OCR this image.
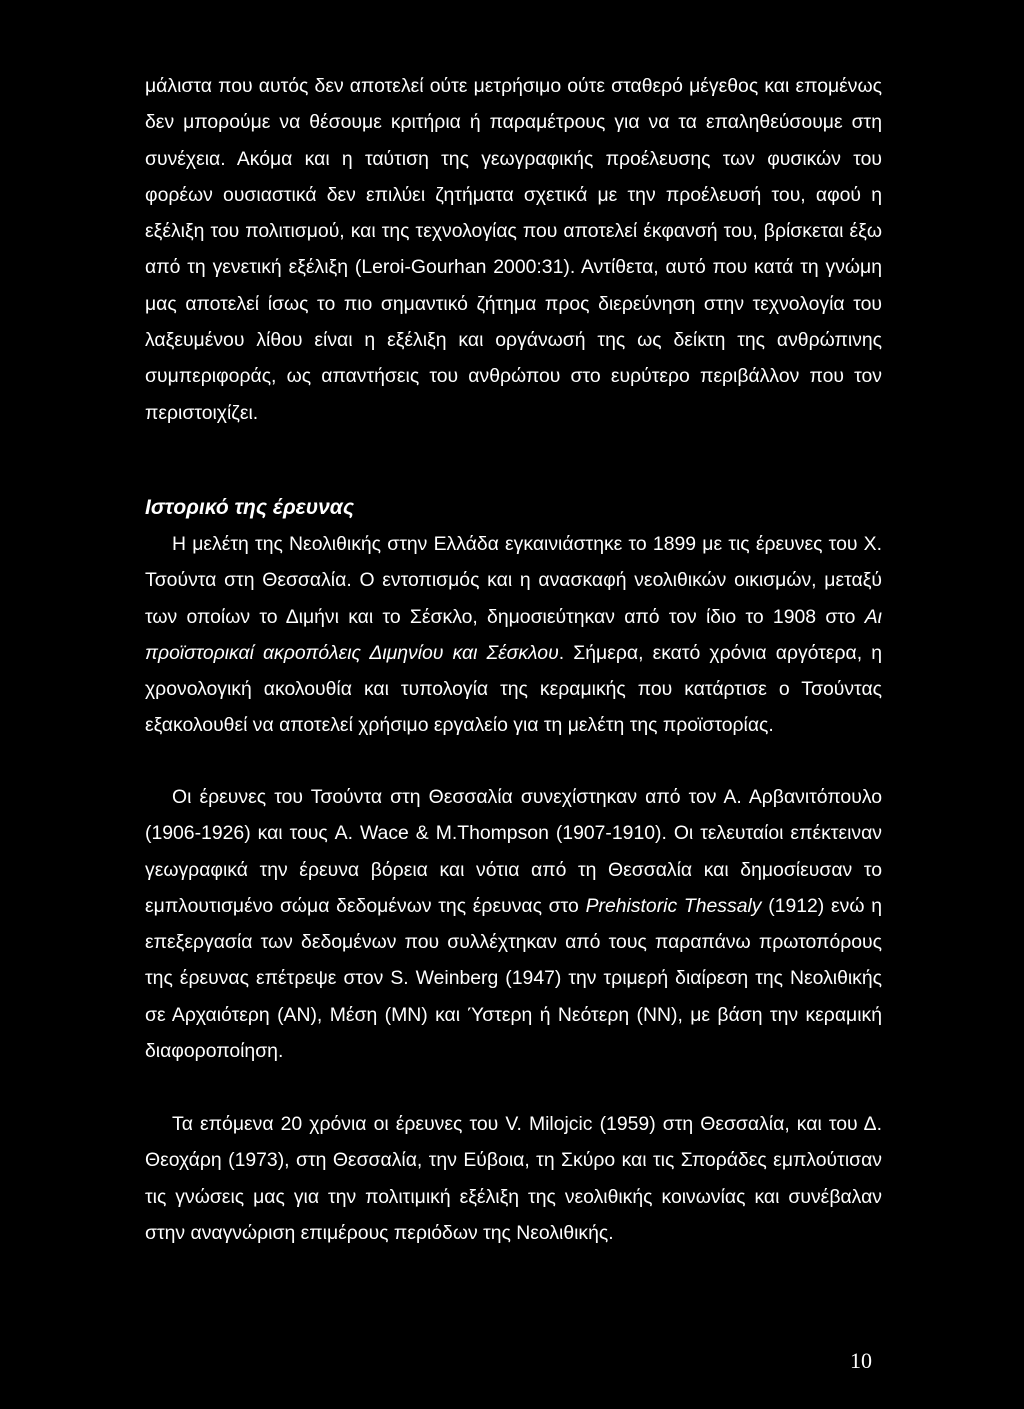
μάλιστα που αυτός δεν αποτελεί ούτε μετρήσιμο ούτε σταθερό μέγεθος και επομένως δεν μπορούμε να θέσουμε κριτήρια ή παραμέτρους για να τα επαληθεύσουμε στη συνέχεια. Ακόμα και η ταύτιση της γεωγραφικής προέλευσης των φυσικών του φορέων ουσιαστικά δεν επιλύει ζητήματα σχετικά με την προέλευσή του, αφού η εξέλιξη του πολιτισμού, και της τεχνολογίας που αποτελεί έκφανσή του, βρίσκεται έξω από τη γενετική εξέλιξη (Leroi-Gourhan 2000:31). Αντίθετα, αυτό που κατά τη γνώμη μας αποτελεί ίσως το πιο σημαντικό ζήτημα προς διερεύνηση στην τεχνολογία του λαξευμένου λίθου είναι η εξέλιξη και οργάνωσή της ως δείκτη της ανθρώπινης συμπεριφοράς, ως απαντήσεις του ανθρώπου στο ευρύτερο περιβάλλον που τον περιστοιχίζει.

Ιστορικό της έρευνας

Η μελέτη της Νεολιθικής στην Ελλάδα εγκαινιάστηκε το 1899 με τις έρευνες του Χ. Τσούντα στη Θεσσαλία. Ο εντοπισμός και η ανασκαφή νεολιθικών οικισμών, μεταξύ των οποίων το Διμήνι και το Σέσκλο, δημοσιεύτηκαν από τον ίδιο το 1908 στο Αι προϊστορικαί ακροπόλεις Διμηνίου και Σέσκλου. Σήμερα, εκατό χρόνια αργότερα, η χρονολογική ακολουθία και τυπολογία της κεραμικής που κατάρτισε ο Τσούντας εξακολουθεί να αποτελεί χρήσιμο εργαλείο για τη μελέτη της προϊστορίας.

Οι έρευνες του Τσούντα στη Θεσσαλία συνεχίστηκαν από τον Α. Αρβανιτόπουλο (1906-1926) και τους A. Wace & M.Thompson (1907-1910). Οι τελευταίοι επέκτειναν γεωγραφικά την έρευνα βόρεια και νότια από τη Θεσσαλία και δημοσίευσαν το εμπλουτισμένο σώμα δεδομένων της έρευνας στο Prehistoric Thessaly (1912) ενώ η επεξεργασία των δεδομένων που συλλέχτηκαν από τους παραπάνω πρωτοπόρους της έρευνας επέτρεψε στον S. Weinberg (1947) την τριμερή διαίρεση της Νεολιθικής σε Αρχαιότερη (ΑΝ), Μέση (ΜΝ) και Ύστερη ή Νεότερη (ΝΝ), με βάση την κεραμική διαφοροποίηση.

Τα επόμενα 20 χρόνια οι έρευνες του V. Milojcic (1959) στη Θεσσαλία, και του Δ. Θεοχάρη (1973), στη Θεσσαλία, την Εύβοια, τη Σκύρο και τις Σποράδες εμπλούτισαν τις γνώσεις μας για την πολιτιμική εξέλιξη της νεολιθικής κοινωνίας και συνέβαλαν στην αναγνώριση επιμέρους περιόδων της Νεολιθικής.

10
